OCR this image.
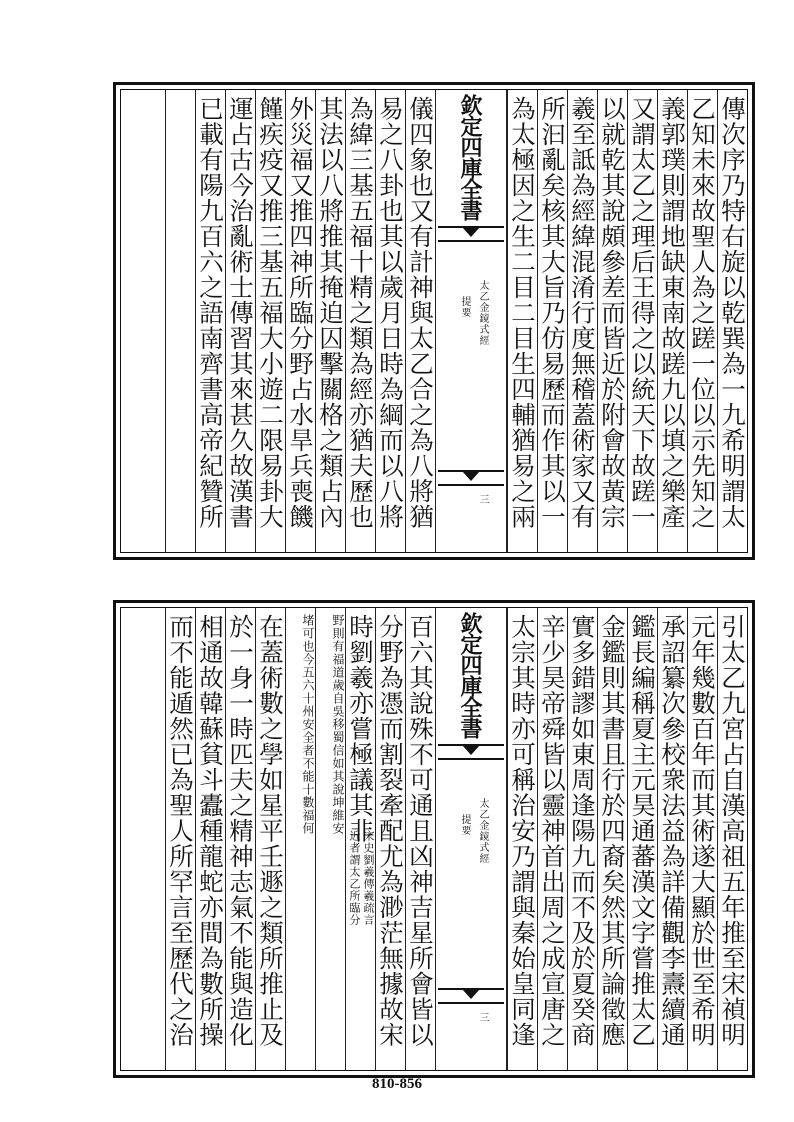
傳次序乃特右旋以乾巽為一九希明謂太
乙知未來故聖人為之蹉一位以示先知之
義郭璞則謂地缺東南故蹉九以填之樂產
又謂太乙之理后王得之以統天下故蹉一
以就乾其說頗參差而皆近於附會故黃宗
羲至詆為經緯混淆行度無稽蓋術家又有
所汩亂矣核其大旨乃仿易歷而作其以一
為太極因之生二目二目生四輔猶易之兩
欽定四庫全書
太乙金鏡式經
提要
三
儀四象也又有計神與太乙合之為八將猶
易之八卦也其以歲月日時為綱而以八將
為緯三基五福十精之類為經亦猶夫歷也
其法以八將推其掩迫囚擊關格之類占內
外災福又推四神所臨分野占水旱兵喪饑
饉疾疫又推三基五福大小遊二限易卦大
運占古今治亂術士傳習其來甚久故漢書
已載有陽九百六之語南齊書高帝紀贊所
引太乙九宮占自漢高祖五年推至宋禎明
元年幾數百年而其術遂大顯於世至希明
承詔纂次參校衆法益為詳備觀李燾續通
鑑長編稱夏主元昊通蕃漢文字嘗推太乙
金鑑則其書且行於四裔矣然其所論徵應
實多錯謬如東周逢陽九而不及於夏癸商
辛少昊帝舜皆以靈神首出周之成宣唐之
太宗其時亦可稱治安乃謂與秦始皇同逢
欽定四庫全書
太乙金鏡式經
提要
三
百六其說殊不可通且凶神吉星所會皆以
分野為憑而割裂牽配尤為渺茫無據故宋
時劉羲亦嘗極議其非
宋史劉羲傳羲疏言
近者謂太乙所臨分
野則有福道歲自吳移蜀信如其說坤維安
堵可也今五六十州安全者不能十數福何
在蓋術數之學如星平壬遯之類所推止及
於一身一時匹夫之精神志氣不能與造化
相通故韓蘇貧斗蠹種龍蛇亦間為數所操
而不能遁然已為聖人所罕言至歷代之治
810-856
